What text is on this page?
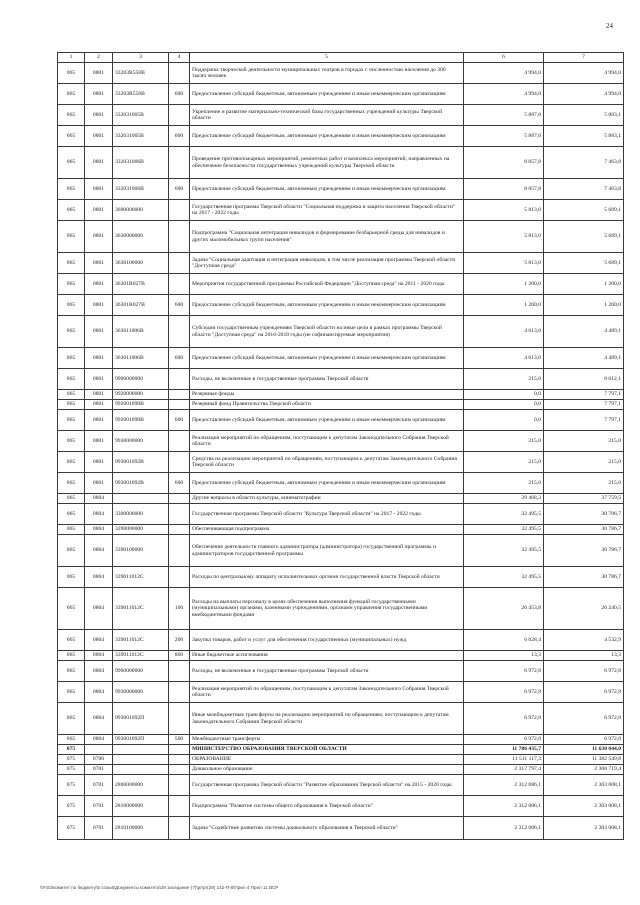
24
1	2	3	4	5	6	7
065	0801	33203R558B		Поддержка творческой деятельности муниципальных театров в городах с численностью населения до 300 тысяч человек	4 994,0	4 994,0
065	0801	33203R558B	600	Предоставление субсидий бюджетным, автономным учреждениям и иным некоммерческим организациям	4 994,0	4 994,0
065	0801	332031005В		Укрепление и развитие материально-технической базы государственных учреждений культуры Тверской области	5 887,0	5 883,1
065	0801	332031005В	600	Предоставление субсидий бюджетным, автономным учреждениям и иным некоммерческим организациям	5 887,0	5 883,1
065	0801	332031006В		Проведение противопожарных мероприятий, ремонтных работ и комплекса мероприятий, направленных на обеспечение безопасности государственных учреждений культуры Тверской области	8 057,8	7 463,8
065	0801	332031006В	600	Предоставление субсидий бюджетным, автономным учреждениям и иным некоммерческим организациям	8 057,8	7 463,8
065	0801	3600000000		Государственная программа Тверской области "Социальная поддержка и защита населения Тверской области" на 2017 - 2022 годы	5 813,0	5 689,1
065	0801	3630000000		Подпрограмма "Социальная интеграция инвалидов и формирование безбарьерной среды для инвалидов и других маломобильных групп населения"	5 813,0	5 689,1
065	0801	3630100000		Задача "Социальная адаптация и интеграция инвалидов, в том числе реализация программы Тверской области "Доступная среда"	5 813,0	5 689,1
065	0801	36301R027B		Мероприятия государственной программы Российской Федерации "Доступная среда" на 2011 - 2020 годы	1 200,0	1 200,0
065	0801	36301R027B	600	Предоставление субсидий бюджетным, автономным учреждениям и иным некоммерческим организациям	1 200,0	1 200,0
065	0801	363011006В		Субсидии государственным учреждениям Тверской области на иные цели в рамках программы Тверской области "Доступная среда" на 2016-2018 годы (не софинансируемые мероприятия)	4 613,0	4 489,1
065	0801	363011006В	600	Предоставление субсидий бюджетным, автономным учреждениям и иным некоммерческим организациям	4 613,0	4 489,1
065	0801	9900000000		Расходы, не включенные в государственные программы Тверской области	215,0	8 012,1
065	0801	9920000000		Резервные фонды	0,0	7 797,1
065	0801	992001090В		Резервный фонд Правительства Тверской области	0,0	7 797,1
065	0801	992001090В	600	Предоставление субсидий бюджетным, автономным учреждениям и иным некоммерческим организациям	0,0	7 797,1
065	0801	9930000000		Реализация мероприятий по обращениям, поступающим к депутатам Законодательного Собрания Тверской области	215,0	215,0
065	0801	993001092В		Средства на реализацию мероприятий по обращениям, поступающим к депутатам Законодательного Собрания Тверской области	215,0	215,0
065	0801	993001092В	600	Предоставление субсидий бюджетным, автономным учреждениям и иным некоммерческим организациям	215,0	215,0
065	0804			Другие вопросы в области культуры, кинематографии	39 468,3	37 759,5
065	0804	3300000000		Государственная программа Тверской области "Культура Тверской области" на 2017 - 2022 годы	32 495,5	30 786,7
065	0804	3390000000		Обеспечивающая подпрограмма	32 495,5	30 786,7
065	0804	3390100000		Обеспечение деятельности главного администратора (администратора) государственной программы и администраторов государственной программы	32 495,5	30 786,7
065	0804	339011012С		Расходы по центральному аппарату исполнительных органов государственной власти Тверской области	32 495,5	30 786,7
065	0804	339011012С	100	Расходы на выплаты персоналу в целях обеспечения выполнения функций государственными (муниципальными) органами, казенными учреждениями, органами управления государственными внебюджетными фондами	26 453,8	26 240,5
065	0804	339011012С	200	Закупка товаров, работ и услуг для обеспечения государственных (муниципальных) нужд	6 028,4	4 532,9
065	0804	339011012С	800	Иные бюджетные ассигнования	13,3	13,3
065	0804	9900000000		Расходы, не включенные в государственные программы Тверской области	6 972,8	6 972,8
065	0804	9930000000		Реализация мероприятий по обращениям, поступающим к депутатам Законодательного Собрания Тверской области	6 972,8	6 972,8
065	0804	993001092П		Иные межбюджетные трансферты на реализацию мероприятий по обращениям, поступающим к депутатам Законодательного Собрания Тверской области	6 972,8	6 972,8
065	0804	993001092П	500	Межбюджетные трансферты	6 972,8	6 972,8
075				МИНИСТЕРСТВО ОБРАЗОВАНИЯ ТВЕРСКОЙ ОБЛАСТИ	11 786 435,7	11 630 044,0
075	0700			ОБРАЗОВАНИЕ	11 511 117,3	11 382 549,8
075	0701			Дошкольное образование	2 317 797,4	2 308 719,4
075	0701	2800000000		Государственная программа Тверской области "Развитие образования Тверской области" на 2015 - 2020 годы	2 312 086,1	2 303 008,1
075	0701	2810000000		Подпрограмма "Развитие системы общего образования в Тверской области"	2 312 086,1	2 303 008,1
075	0701	2810100000		Задача "Содействие развитию системы дошкольного образования в Тверской области"	2 312 086,1	2 303 008,1
\\FI03\комитет по бюджету\5 созыв\Документы комитета\28 заседание (7)\pr\pr(28) 142-П-6\Прил 4 Прил 11 ВСР
